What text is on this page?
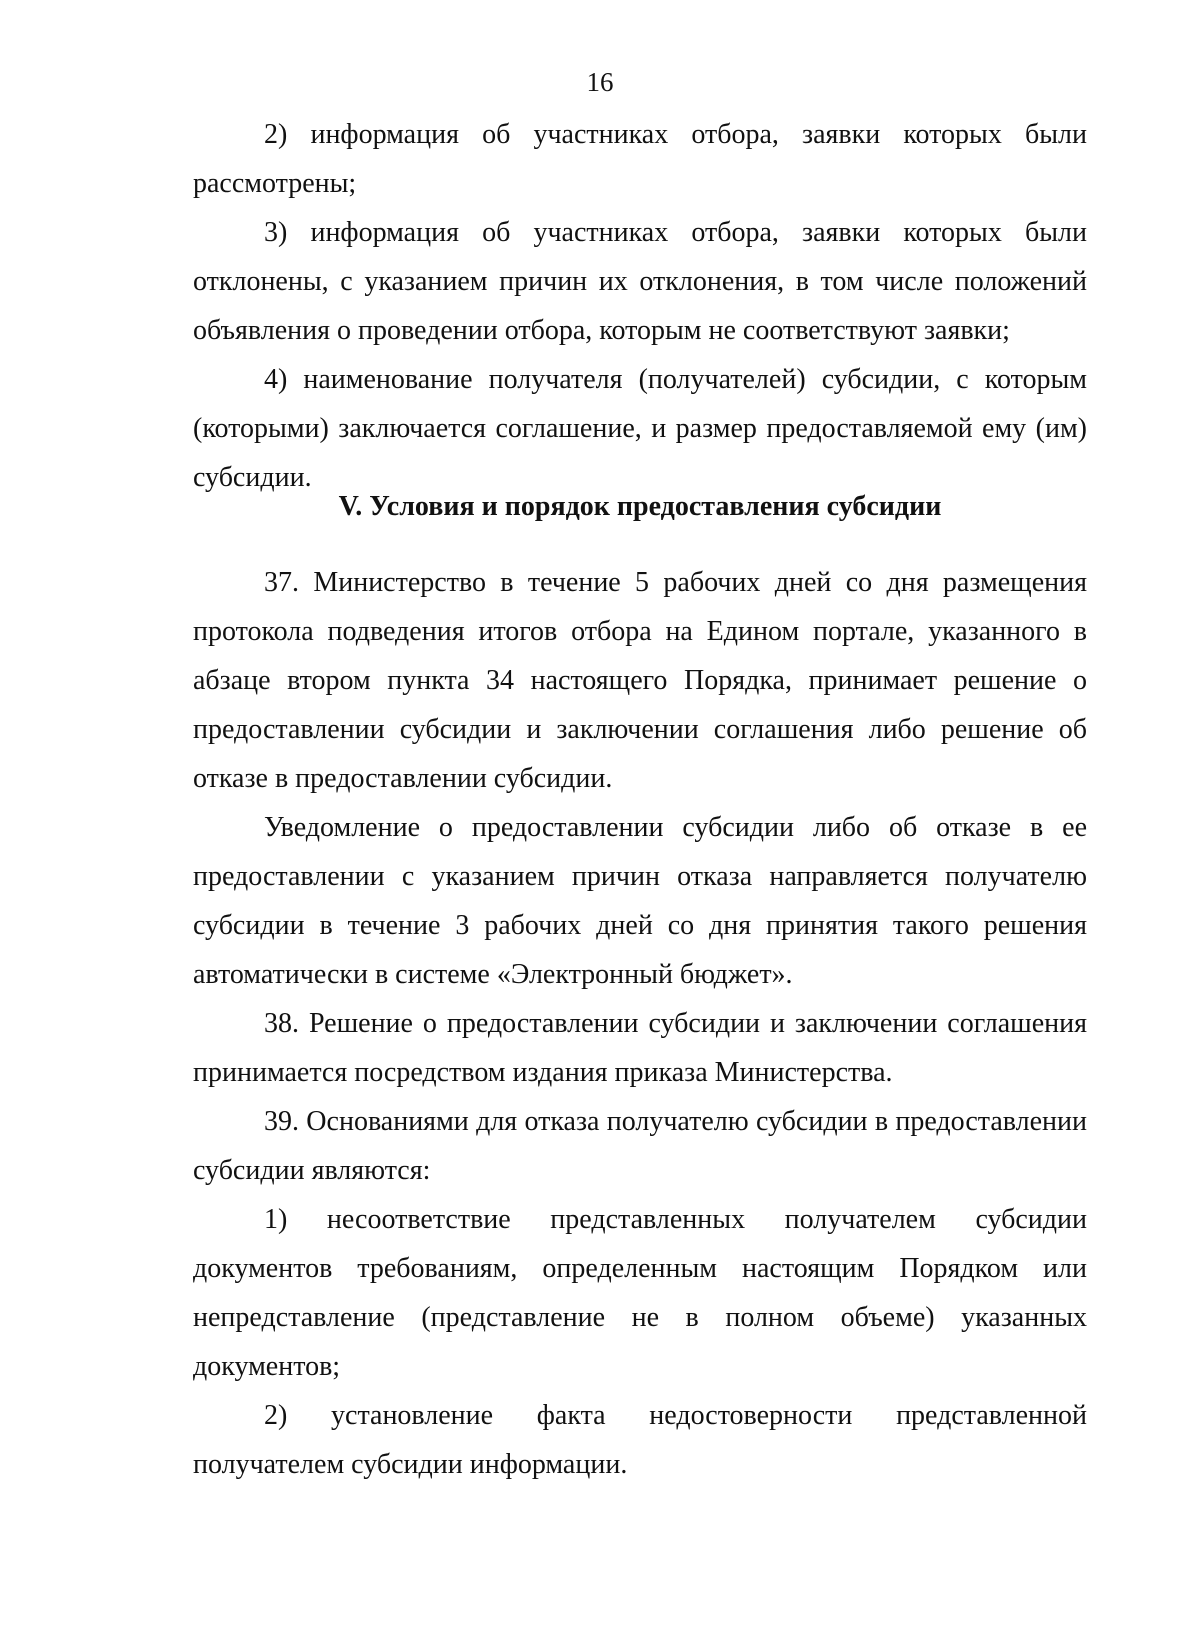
16

2) информация об участниках отбора, заявки которых были рассмотрены;

3) информация об участниках отбора, заявки которых были отклонены, с указанием причин их отклонения, в том числе положений объявления о проведении отбора, которым не соответствуют заявки;

4) наименование получателя (получателей) субсидии, с которым (которыми) заключается соглашение, и размер предоставляемой ему (им) субсидии.

V. Условия и порядок предоставления субсидии

37. Министерство в течение 5 рабочих дней со дня размещения протокола подведения итогов отбора на Едином портале, указанного в абзаце втором пункта 34 настоящего Порядка, принимает решение о предоставлении субсидии и заключении соглашения либо решение об отказе в предоставлении субсидии.

Уведомление о предоставлении субсидии либо об отказе в ее предоставлении с указанием причин отказа направляется получателю субсидии в течение 3 рабочих дней со дня принятия такого решения автоматически в системе «Электронный бюджет».

38. Решение о предоставлении субсидии и заключении соглашения принимается посредством издания приказа Министерства.

39. Основаниями для отказа получателю субсидии в предоставлении субсидии являются:

1) несоответствие представленных получателем субсидии документов требованиям, определенным настоящим Порядком или непредставление (представление не в полном объеме) указанных документов;

2) установление факта недостоверности представленной получателем субсидии информации.
